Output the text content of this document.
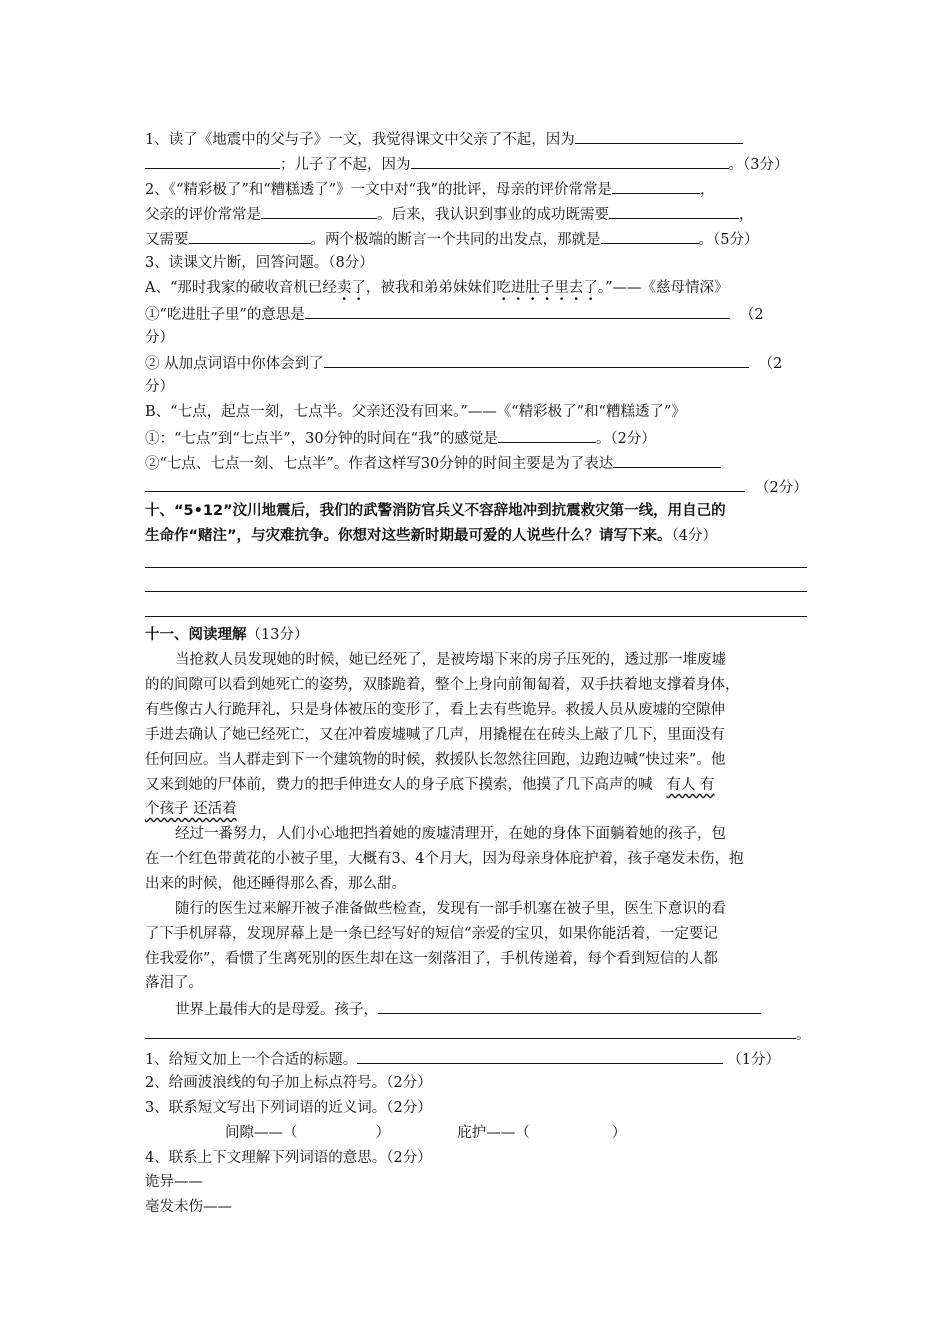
1、读了《地震中的父与子》一文，我觉得课文中父亲了不起，因为
；儿子了不起，因为	。（3分）
2、《“精彩极了”和“糟糕透了”》一文中对“我”的批评，母亲的评价常常是	，
父亲的评价常常是	。后来，我认识到事业的成功既需要	，
又需要	。两个极端的断言一个共同的出发点，那就是	。（5分）
3、读课文片断，回答问题。（8分）
A、“那时我家的破收音机已经卖了，被我和弟弟妹妹们吃进肚子里去了。”——《慈母情深》
①“吃进肚子里”的意思是	（2
分）
② 从加点词语中你体会到了	（2
分）
B、“七点，起点一刻，七点半。父亲还没有回来。”——《“精彩极了”和“糟糕透了”》
①：“七点”到“七点半”，30分钟的时间在“我”的感觉是	。（2分）
②“七点、七点一刻、七点半”。作者这样写30分钟的时间主要是为了表达
（2分）
十、“5•12”汶川地震后，我们的武警消防官兵义不容辞地冲到抗震救灾第一线，用自己的
生命作“赌注”，与灾难抗争。你想对这些新时期最可爱的人说些什么？请写下来。（4分）
十一、阅读理解（13分）
当抢救人员发现她的时候，她已经死了，是被垮塌下来的房子压死的，透过那一堆废墟
的的间隙可以看到她死亡的姿势，双膝跪着，整个上身向前匍匐着，双手扶着地支撑着身体，
有些像古人行跪拜礼，只是身体被压的变形了，看上去有些诡异。救援人员从废墟的空隙伸
手进去确认了她已经死亡，又在冲着废墟喊了几声，用撬棍在在砖头上敲了几下，里面没有
任何回应。当人群走到下一个建筑物的时候，救援队长忽然往回跑，边跑边喊“快过来”。他
又来到她的尸体前，费力的把手伸进女人的身子底下摸索，他摸了几下高声的喊 有人 有
个孩子 还活着
经过一番努力，人们小心地把挡着她的废墟清理开，在她的身体下面躺着她的孩子，包
在一个红色带黄花的小被子里，大概有3、4个月大，因为母亲身体庇护着，孩子毫发未伤，抱
出来的时候，他还睡得那么香，那么甜。
随行的医生过来解开被子准备做些检查，发现有一部手机塞在被子里，医生下意识的看
了下手机屏幕，发现屏幕上是一条已经写好的短信“亲爱的宝贝，如果你能活着，一定要记
住我爱你”，看惯了生离死别的医生却在这一刻落泪了，手机传递着，每个看到短信的人都
落泪了。
世界上最伟大的是母爱。孩子，
。
1、给短文加上一个合适的标题。	（1分）
2、给画波浪线的句子加上标点符号。（2分）
3、联系短文写出下列词语的近义词。（2分）
间隙——（	）	庇护——（	）
4、联系上下文理解下列词语的意思。（2分）
诡异——
毫发未伤——
